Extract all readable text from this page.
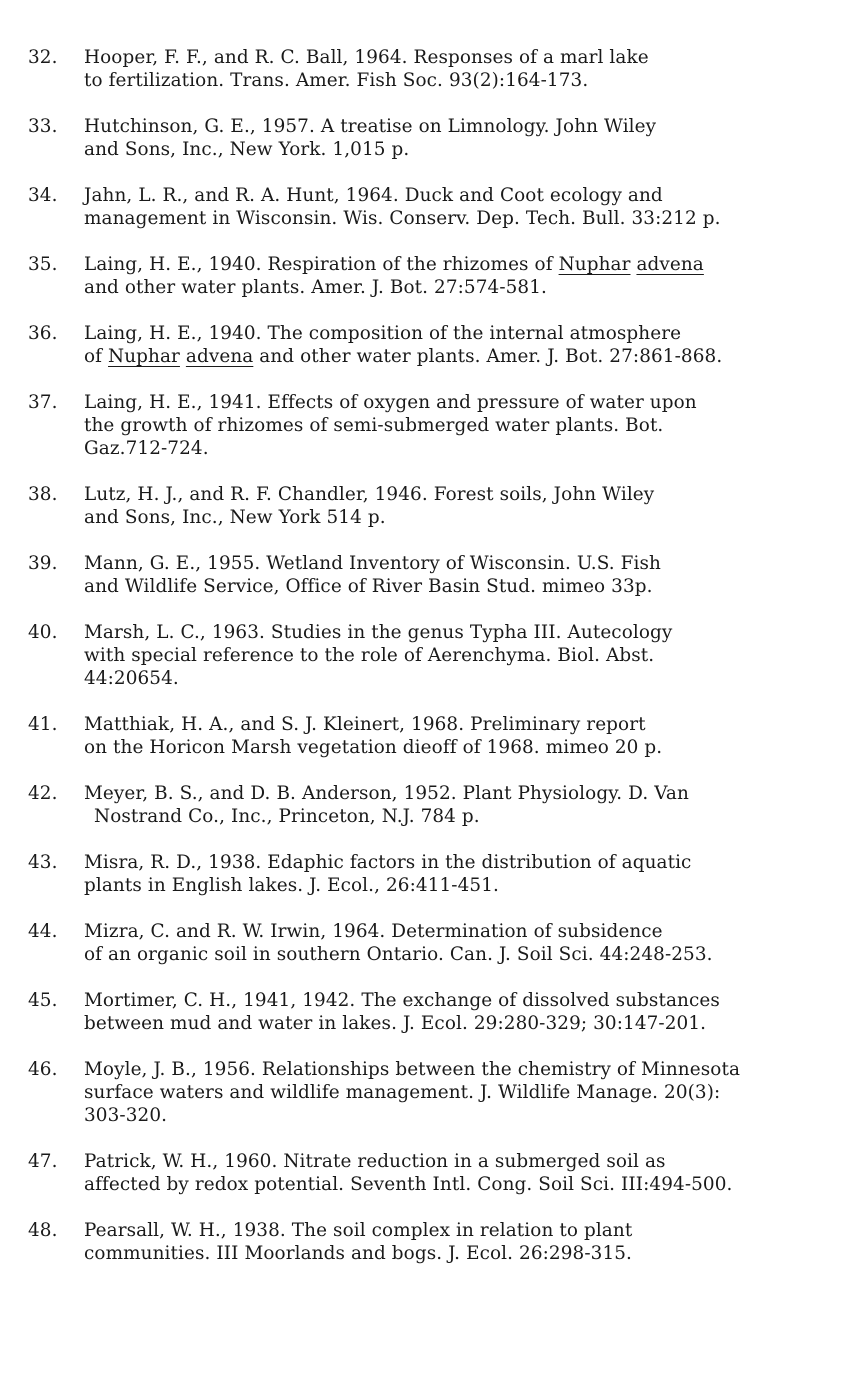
32.	Hooper, F. F., and R. C. Ball, 1964. Responses of a marl lake
to fertilization. Trans. Amer. Fish Soc. 93(2):164-173.
33.	Hutchinson, G. E., 1957. A treatise on Limnology. John Wiley
and Sons, Inc., New York. 1,015 p.
34.	Jahn, L. R., and R. A. Hunt, 1964. Duck and Coot ecology and
management in Wisconsin. Wis. Conserv. Dep. Tech. Bull. 33:212 p.
35.	Laing, H. E., 1940. Respiration of the rhizomes of Nuphar advena
and other water plants. Amer. J. Bot. 27:574-581.
36.	Laing, H. E., 1940. The composition of the internal atmosphere
of Nuphar advena and other water plants. Amer. J. Bot. 27:861-868.
37.	Laing, H. E., 1941. Effects of oxygen and pressure of water upon
the growth of rhizomes of semi-submerged water plants. Bot.
Gaz.712-724.
38.	Lutz, H. J., and R. F. Chandler, 1946. Forest soils, John Wiley
and Sons, Inc., New York 514 p.
39.	Mann, G. E., 1955. Wetland Inventory of Wisconsin. U.S. Fish
and Wildlife Service, Office of River Basin Stud. mimeo 33p.
40.	Marsh, L. C., 1963. Studies in the genus Typha III. Autecology
with special reference to the role of Aerenchyma. Biol. Abst.
44:20654.
41.	Matthiak, H. A., and S. J. Kleinert, 1968. Preliminary report
on the Horicon Marsh vegetation dieoff of 1968. mimeo 20 p.
42.	Meyer, B. S., and D. B. Anderson, 1952. Plant Physiology. D. Van
Nostrand Co., Inc., Princeton, N.J. 784 p.
43.	Misra, R. D., 1938. Edaphic factors in the distribution of aquatic
plants in English lakes. J. Ecol., 26:411-451.
44.	Mizra, C. and R. W. Irwin, 1964. Determination of subsidence
of an organic soil in southern Ontario. Can. J. Soil Sci. 44:248-253.
45.	Mortimer, C. H., 1941, 1942. The exchange of dissolved substances
between mud and water in lakes. J. Ecol. 29:280-329; 30:147-201.
46.	Moyle, J. B., 1956. Relationships between the chemistry of Minnesota
surface waters and wildlife management. J. Wildlife Manage. 20(3):
303-320.
47.	Patrick, W. H., 1960. Nitrate reduction in a submerged soil as
affected by redox potential. Seventh Intl. Cong. Soil Sci. III:494-500.
48.	Pearsall, W. H., 1938. The soil complex in relation to plant
communities. III Moorlands and bogs. J. Ecol. 26:298-315.
